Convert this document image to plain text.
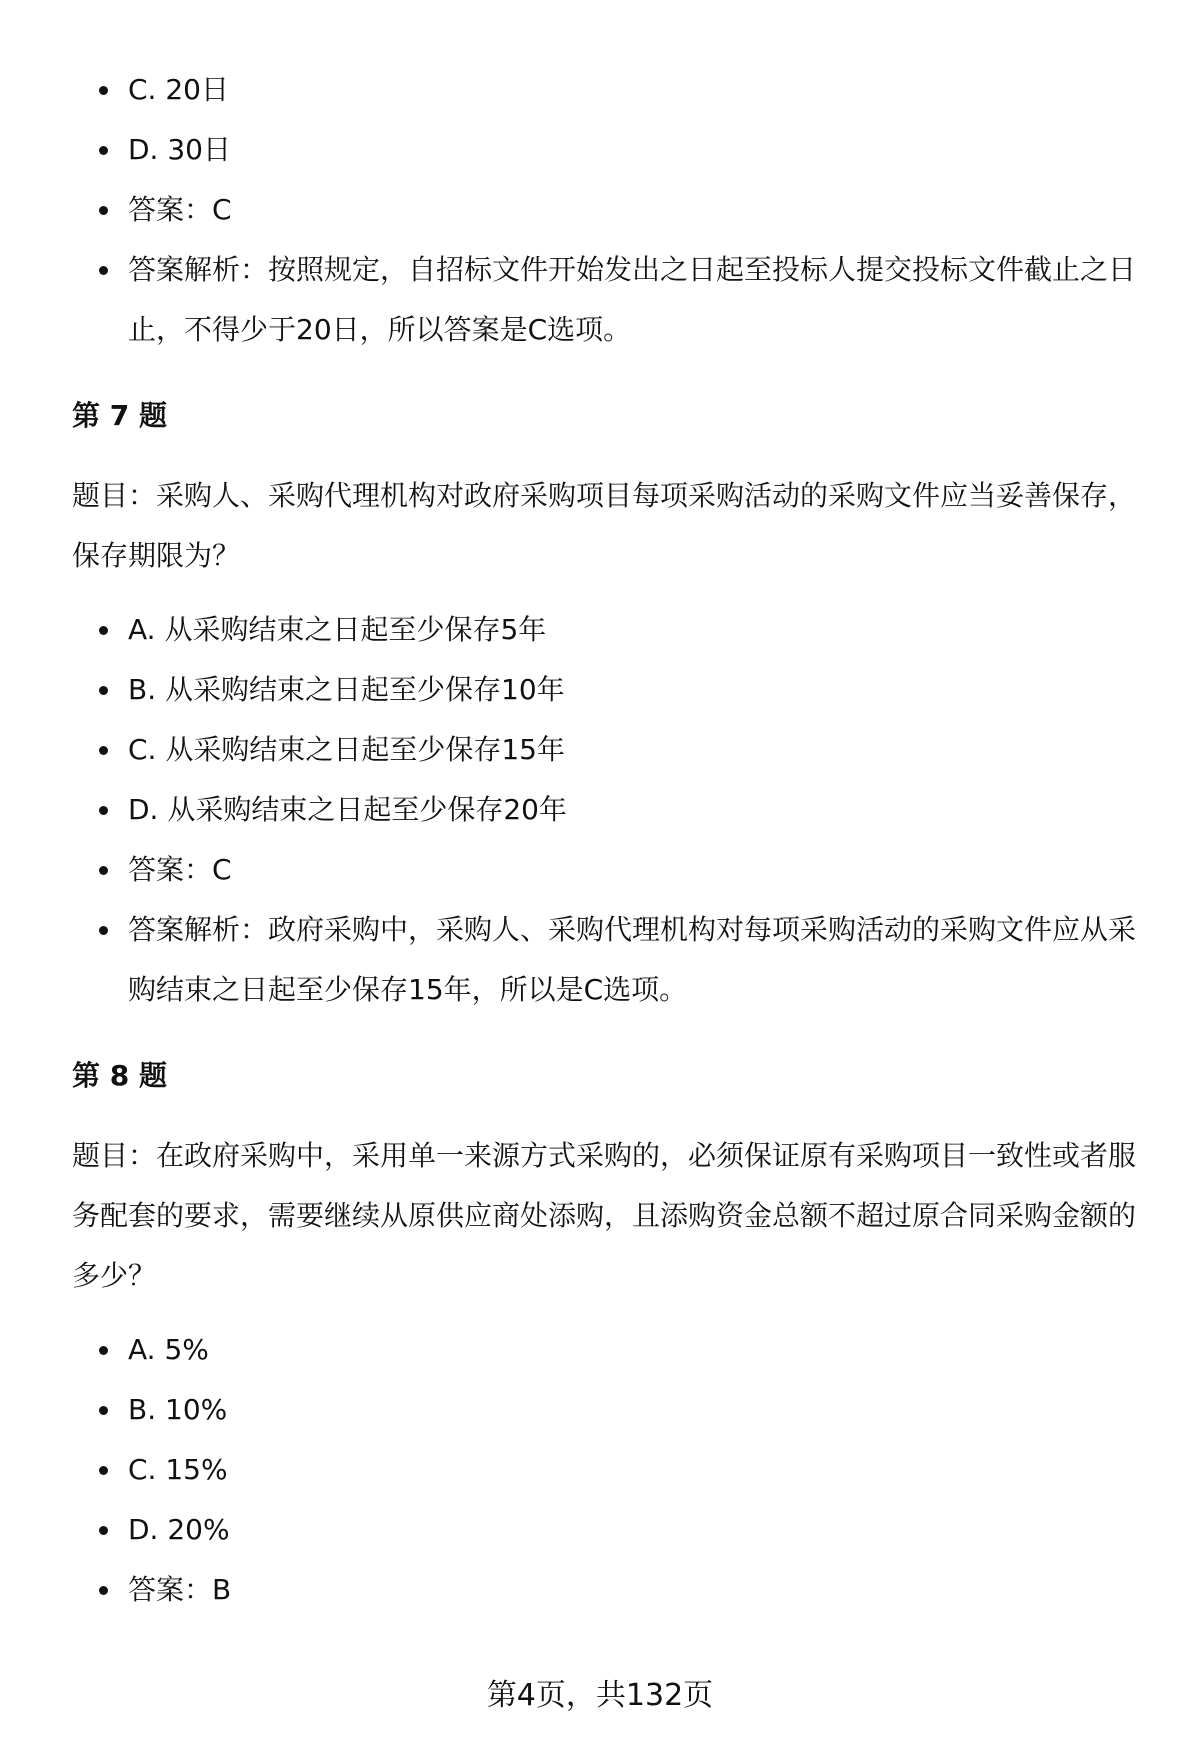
C. 20日
D. 30日
答案：C
答案解析：按照规定，自招标文件开始发出之日起至投标人提交投标文件截止之日止，不得少于20日，所以答案是C选项。
第 7 题

题目：采购人、采购代理机构对政府采购项目每项采购活动的采购文件应当妥善保存，保存期限为？

A. 从采购结束之日起至少保存5年
B. 从采购结束之日起至少保存10年
C. 从采购结束之日起至少保存15年
D. 从采购结束之日起至少保存20年
答案：C
答案解析：政府采购中，采购人、采购代理机构对每项采购活动的采购文件应从采购结束之日起至少保存15年，所以是C选项。
第 8 题

题目：在政府采购中，采用单一来源方式采购的，必须保证原有采购项目一致性或者服务配套的要求，需要继续从原供应商处添购，且添购资金总额不超过原合同采购金额的多少？

A. 5%
B. 10%
C. 15%
D. 20%
答案：B
第4页，共132页
